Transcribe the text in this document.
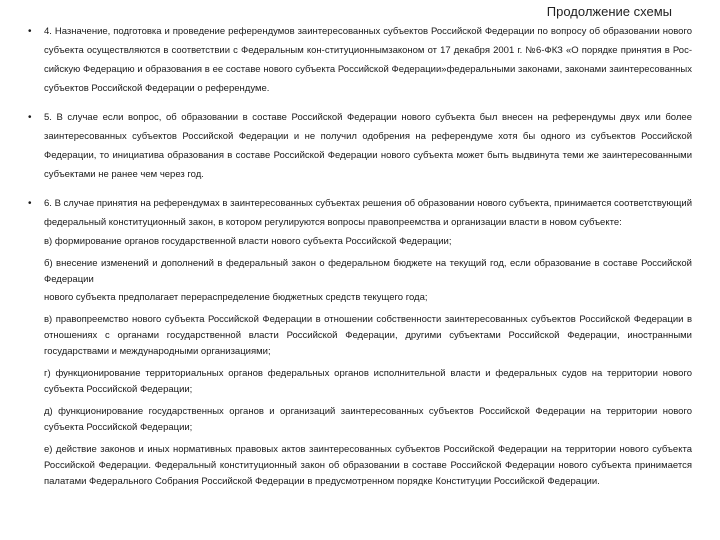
Продолжение схемы
• 4. Назначение, подготовка и проведение референдумов заинтересованных субъектов Российской Федерации по вопросу об образовании нового субъекта осуществляются в соответствии с Федеральным кон-ституционнымзаконом от 17 декабря 2001 г. №6-ФКЗ «О порядке принятия в Рос-сийскую Федерацию и образования в ее составе нового субъекта Российской Федерации»федеральными законами, законами заинтересованных субъектов Российской Федерации о референдуме.

• 5. В случае если вопрос, об образовании в составе Российской Федерации нового субъекта был внесен на референдумы двух или более заинтересованных субъектов Российской Федерации и не получил одобрения на референдуме хотя бы одного из субъектов Российской Федерации, то инициатива образования в составе Российской Федерации нового субъекта может быть выдвинута теми же заинтересованными субъектами не ранее чем через год.

• 6. В случае принятия на референдумах в заинтересованных субъектах решения об образовании нового субъекта, принимается соответствующий федеральный конституционный закон, в котором регулируются вопросы правопреемства и организации власти в новом субъекте:

в) формирование органов государственной власти нового субъекта Российской Федерации;

б) внесение изменений и дополнений в федеральный закон о федеральном бюджете на текущий год, если образование в составе Российской Федерации

нового субъекта предполагает перераспределение бюджетных средств текущего года;

в) правопреемство нового субъекта Российской Федерации в отношении собственности заинтересованных субъектов Российской Федерации в отношениях с органами государственной власти Российской Федерации, другими субъектами Российской Федерации, иностранными государствами и международными организациями;

г) функционирование территориальных органов федеральных органов исполнительной власти и федеральных судов на территории нового субъекта Российской Федерации;

д) функционирование государственных органов и организаций заинтересованных субъектов Российской Федерации на территории нового субъекта Российской Федерации;

е) действие законов и иных нормативных правовых актов заинтересованных субъектов Российской Федерации на территории нового субъекта Российской Федерации. Федеральный конституционный закон об образовании в составе Российской Федерации нового субъекта принимается палатами Федерального Собрания Российской Федерации в предусмотренном порядке Конституции Российской Федерации.
